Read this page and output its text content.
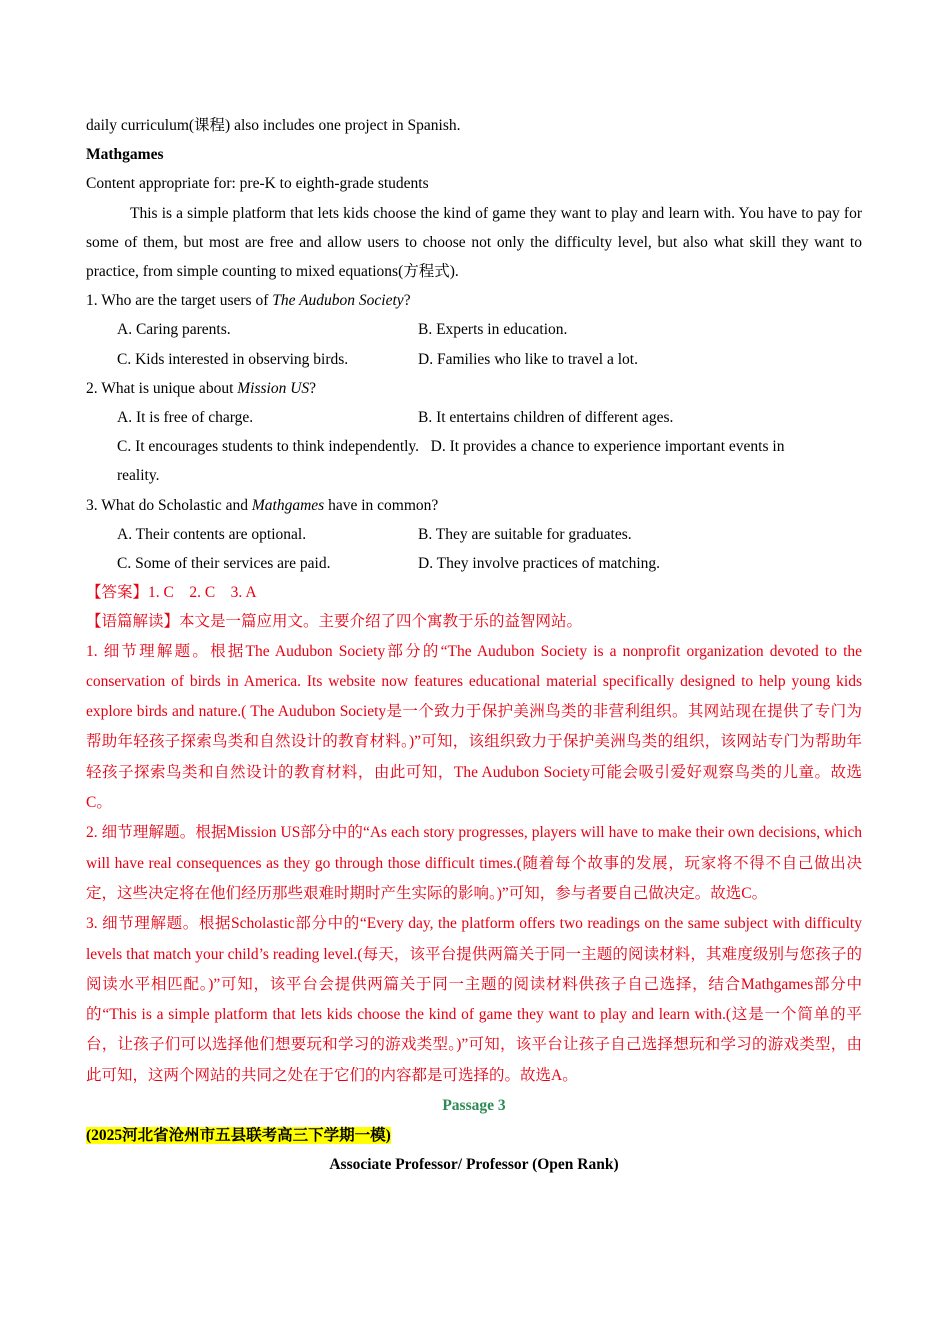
daily curriculum(课程) also includes one project in Spanish.
Mathgames
Content appropriate for: pre-K to eighth-grade students
This is a simple platform that lets kids choose the kind of game they want to play and learn with. You have to pay for some of them, but most are free and allow users to choose not only the difficulty level, but also what skill they want to practice, from simple counting to mixed equations(方程式).
1. Who are the target users of The Audubon Society?
A. Caring parents.	B. Experts in education.
C. Kids interested in observing birds.	D. Families who like to travel a lot.
2. What is unique about Mission US?
A. It is free of charge.	B. It entertains children of different ages.
C. It encourages students to think independently. D. It provides a chance to experience important events in
reality.
3. What do Scholastic and Mathgames have in common?
A. Their contents are optional.	B. They are suitable for graduates.
C. Some of their services are paid.	D. They involve practices of matching.
【答案】1. C　2. C　3. A
【语篇解读】本文是一篇应用文。主要介绍了四个寓教于乐的益智网站。
1. 细节理解题。根据The Audubon Society部分的“The Audubon Society is a nonprofit organization devoted to the conservation of birds in America. Its website now features educational material specifically designed to help young kids explore birds and nature.( The Audubon Society是一个致力于保护美洲鸟类的非营利组织。其网站现在提供了专门为帮助年轻孩子探索鸟类和自然设计的教育材料。)”可知，该组织致力于保护美洲鸟类的组织，该网站专门为帮助年轻孩子探索鸟类和自然设计的教育材料，由此可知，The Audubon Society可能会吸引爱好观察鸟类的儿童。故选C。
2. 细节理解题。根据Mission US部分中的“As each story progresses, players will have to make their own decisions, which will have real consequences as they go through those difficult times.(随着每个故事的发展，玩家将不得不自己做出决定，这些决定将在他们经历那些艰难时期时产生实际的影响。)”可知，参与者要自己做决定。故选C。
3. 细节理解题。根据Scholastic部分中的“Every day, the platform offers two readings on the same subject with difficulty levels that match your child’s reading level.(每天，该平台提供两篇关于同一主题的阅读材料，其难度级别与您孩子的阅读水平相匹配。)”可知，该平台会提供两篇关于同一主题的阅读材料供孩子自己选择，结合Mathgames部分中的“This is a simple platform that lets kids choose the kind of game they want to play and learn with.(这是一个简单的平台，让孩子们可以选择他们想要玩和学习的游戏类型。)”可知，该平台让孩子自己选择想玩和学习的游戏类型，由此可知，这两个网站的共同之处在于它们的内容都是可选择的。故选A。
Passage 3
(2025河北省沧州市五县联考高三下学期一模)
Associate Professor/ Professor (Open Rank)
